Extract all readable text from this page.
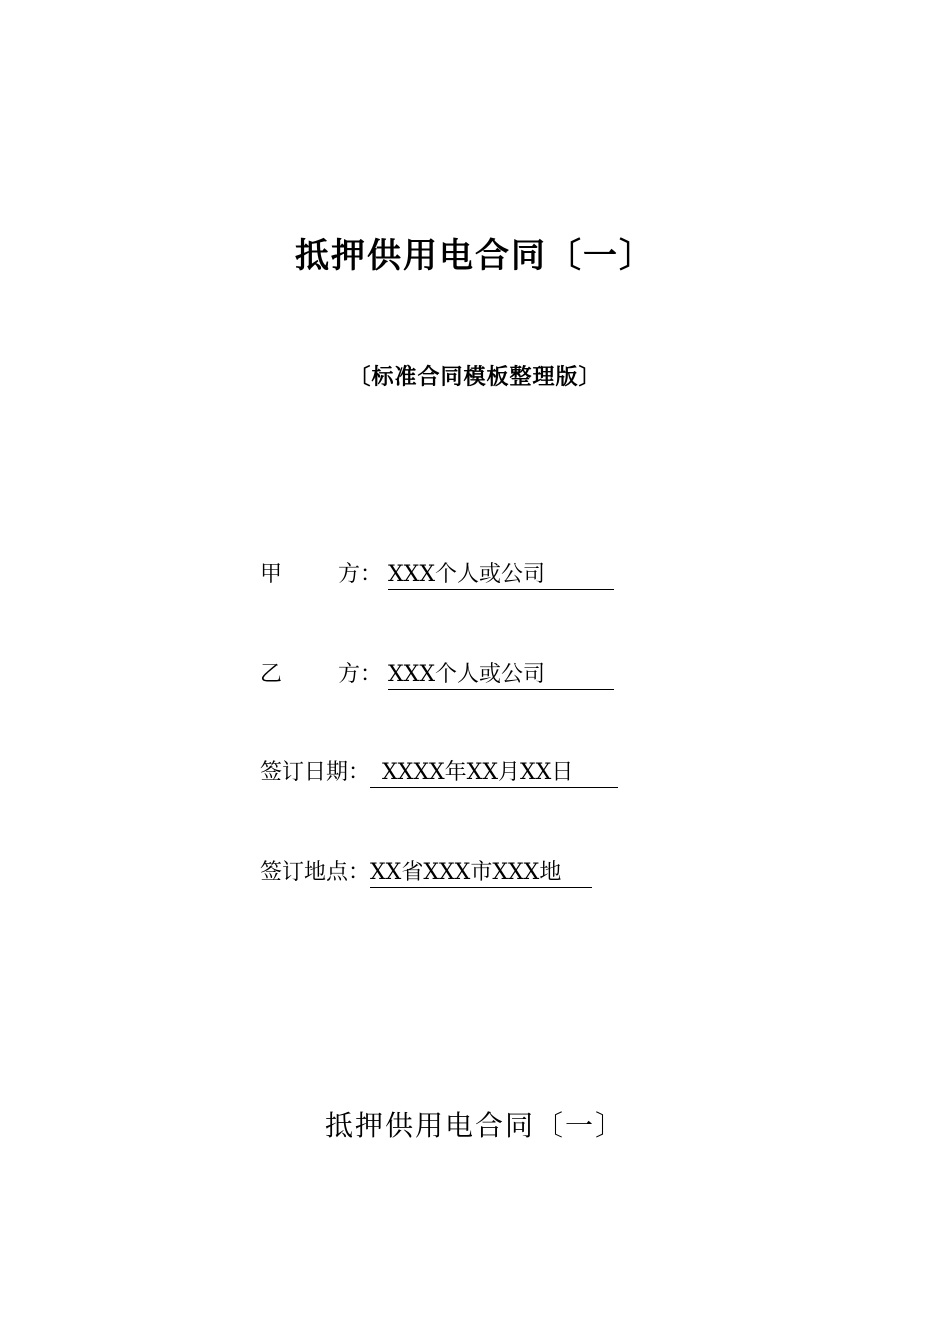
抵押供用电合同〔一〕
〔标准合同模板整理版〕
甲	方：
XXX个人或公司
乙	方：
XXX个人或公司
签订日期： XXXX年XX月XX日
签订地点： XX省XXX市XXX地
抵押供用电合同〔一〕
